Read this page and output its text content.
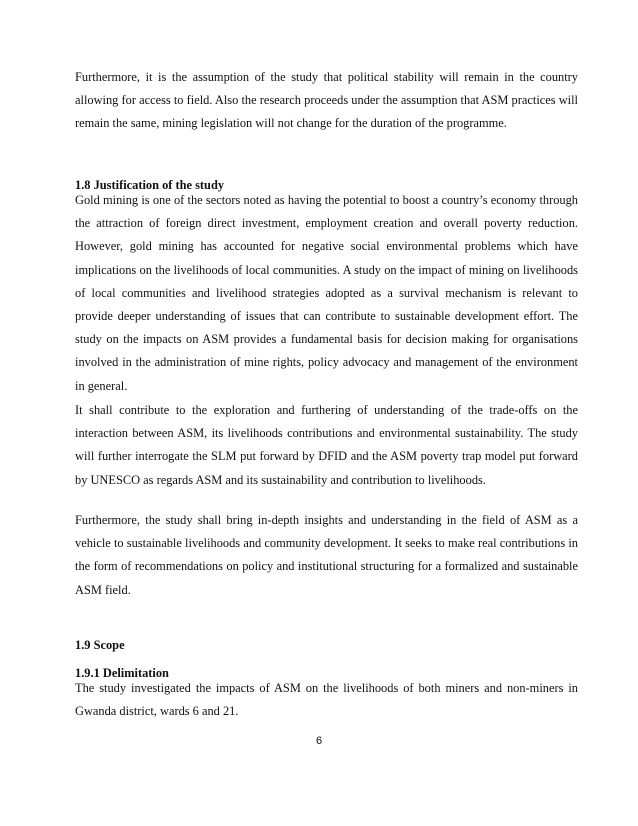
Furthermore, it is the assumption of the study that political stability will remain in the country allowing for access to field. Also the research proceeds under the assumption that ASM practices will remain the same, mining legislation will not change for the duration of the programme.

1.8 Justification of the study

Gold mining is one of the sectors noted as having the potential to boost a country’s economy through the attraction of foreign direct investment, employment creation and overall poverty reduction. However, gold mining has accounted for negative social environmental problems which have implications on the livelihoods of local communities. A study on the impact of mining on livelihoods of local communities and livelihood strategies adopted as a survival mechanism is relevant to provide deeper understanding of issues that can contribute to sustainable development effort. The study on the impacts on ASM provides a fundamental basis for decision making for organisations involved in the administration of mine rights, policy advocacy and management of the environment in general.

It shall contribute to the exploration and furthering of understanding of the trade-offs on the interaction between ASM, its livelihoods contributions and environmental sustainability. The study will further interrogate the SLM put forward by DFID and the ASM poverty trap model put forward by UNESCO as regards ASM and its sustainability and contribution to livelihoods.

Furthermore, the study shall bring in-depth insights and understanding in the field of ASM as a vehicle to sustainable livelihoods and community development. It seeks to make real contributions in the form of recommendations on policy and institutional structuring for a formalized and sustainable ASM field.

1.9 Scope
1.9.1 Delimitation

The study investigated the impacts of ASM on the livelihoods of both miners and non-miners in Gwanda district, wards 6 and 21.

6
